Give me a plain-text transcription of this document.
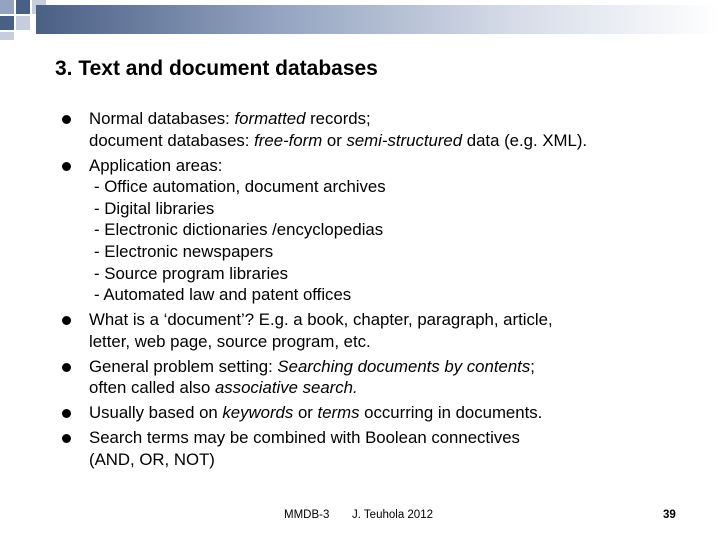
3. Text and document databases
Normal databases: formatted records;
document databases: free-form or semi-structured data (e.g. XML).
Application areas:
- Office automation, document archives
- Digital libraries
- Electronic dictionaries /encyclopedias
- Electronic newspapers
- Source program libraries
- Automated law and patent offices
What is a ‘document’? E.g. a book, chapter, paragraph, article,
letter, web page, source program, etc.
General problem setting: Searching documents by contents;
often called also associative search.
Usually based on keywords or terms occurring in documents.
Search terms may be combined with Boolean connectives
(AND, OR, NOT)
MMDB-3 J. Teuhola 2012	39
